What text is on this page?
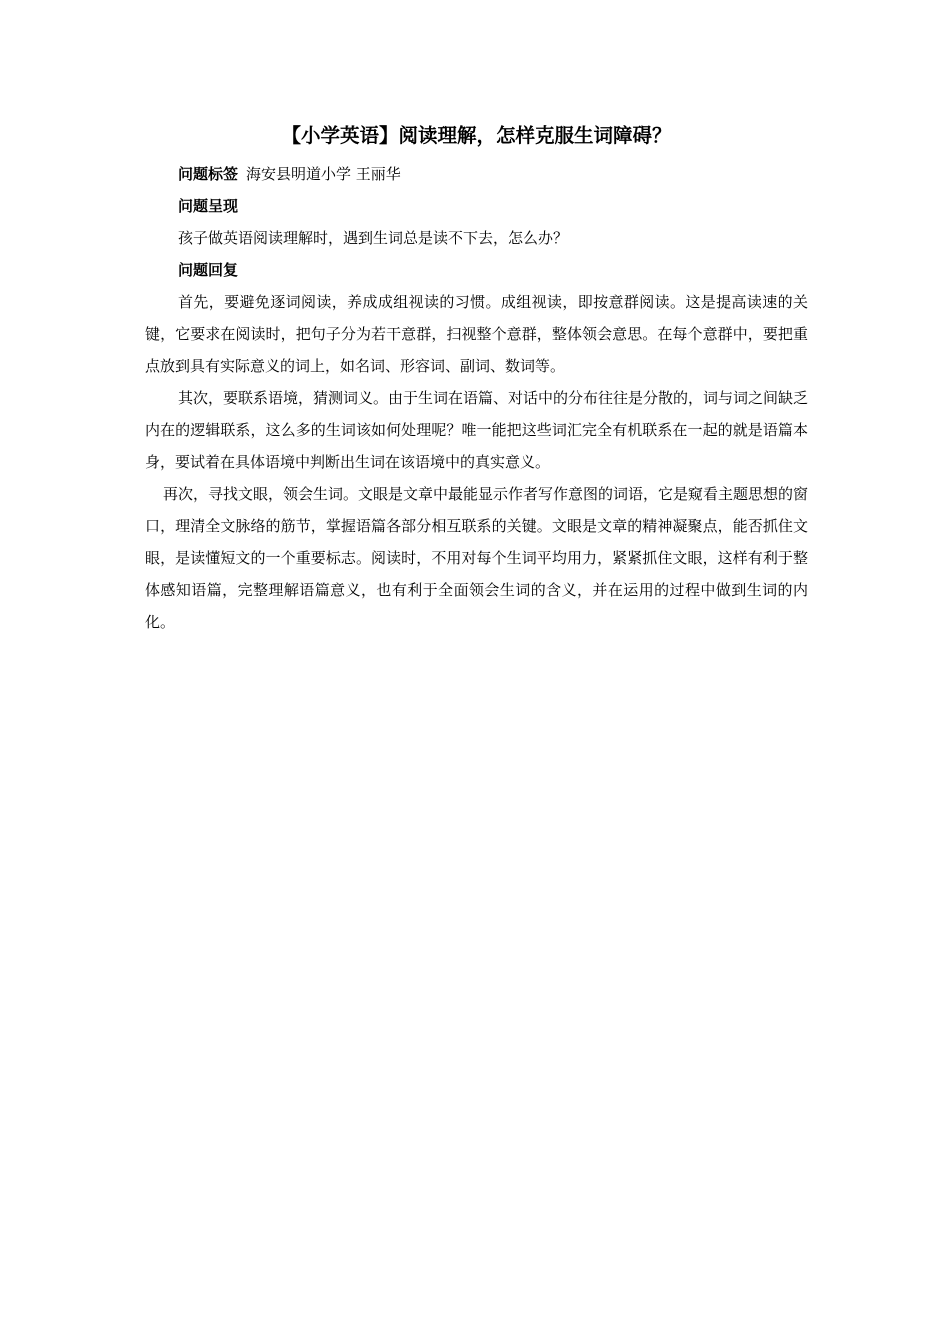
【小学英语】阅读理解，怎样克服生词障碍？

问题标签 海安县明道小学 王丽华

问题呈现

孩子做英语阅读理解时，遇到生词总是读不下去，怎么办？

问题回复

首先，要避免逐词阅读，养成成组视读的习惯。成组视读，即按意群阅读。这是提高读速的关键，它要求在阅读时，把句子分为若干意群，扫视整个意群，整体领会意思。在每个意群中，要把重点放到具有实际意义的词上，如名词、形容词、副词、数词等。

其次，要联系语境，猜测词义。由于生词在语篇、对话中的分布往往是分散的，词与词之间缺乏内在的逻辑联系，这么多的生词该如何处理呢？唯一能把这些词汇完全有机联系在一起的就是语篇本身，要试着在具体语境中判断出生词在该语境中的真实意义。

再次，寻找文眼，领会生词。文眼是文章中最能显示作者写作意图的词语，它是窥看主题思想的窗口，理清全文脉络的筋节，掌握语篇各部分相互联系的关键。文眼是文章的精神凝聚点，能否抓住文眼，是读懂短文的一个重要标志。阅读时，不用对每个生词平均用力，紧紧抓住文眼，这样有利于整体感知语篇，完整理解语篇意义，也有利于全面领会生词的含义，并在运用的过程中做到生词的内化。
